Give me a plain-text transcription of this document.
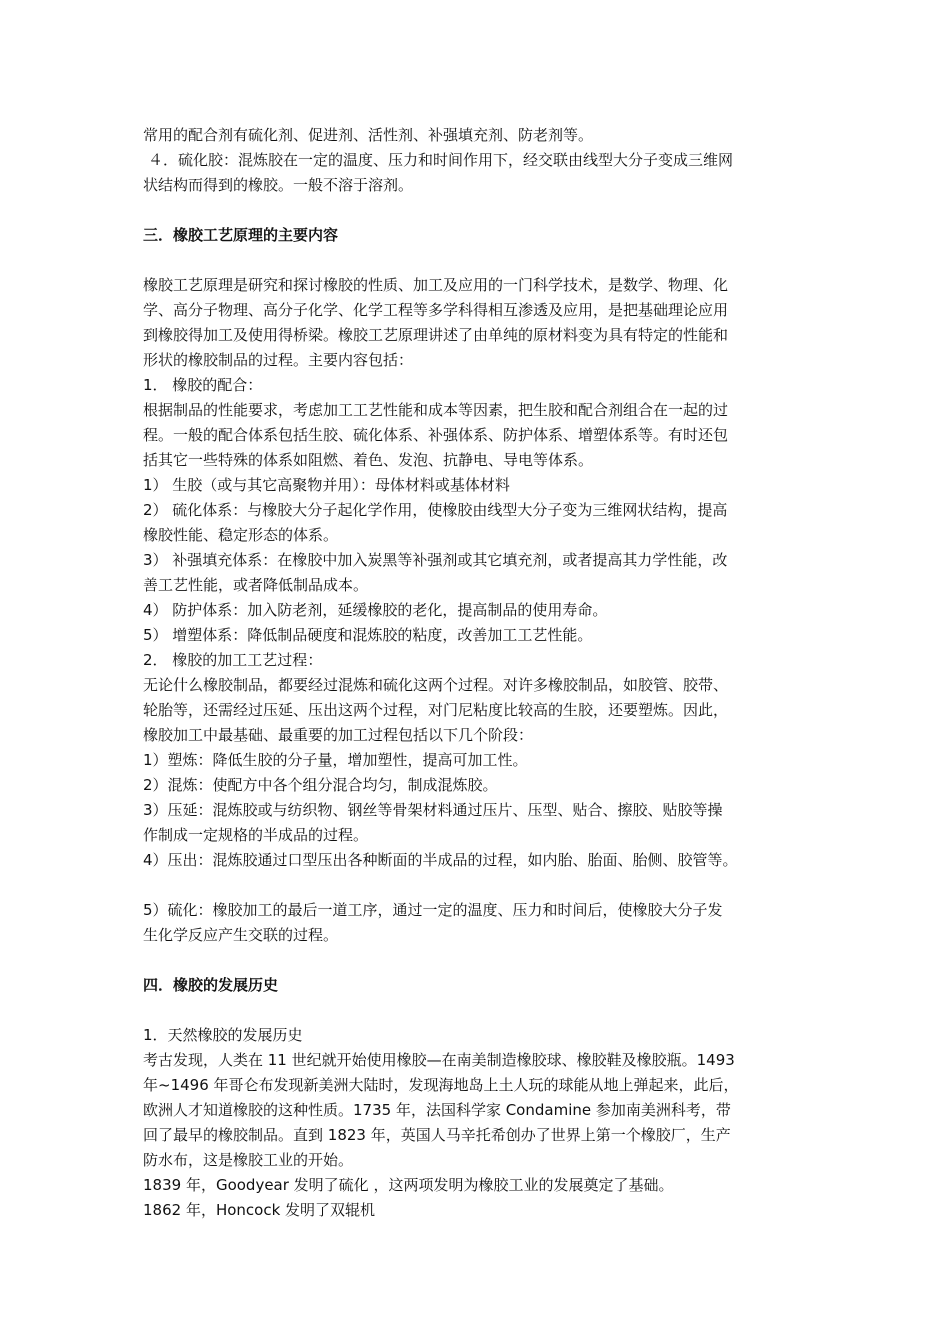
常用的配合剂有硫化剂、促进剂、活性剂、补强填充剂、防老剂等。
４．硫化胶：混炼胶在一定的温度、压力和时间作用下，经交联由线型大分子变成三维网
状结构而得到的橡胶。一般不溶于溶剂。
三．橡胶工艺原理的主要内容
橡胶工艺原理是研究和探讨橡胶的性质、加工及应用的一门科学技术，是数学、物理、化
学、高分子物理、高分子化学、化学工程等多学科得相互渗透及应用，是把基础理论应用
到橡胶得加工及使用得桥梁。橡胶工艺原理讲述了由单纯的原材料变为具有特定的性能和
形状的橡胶制品的过程。主要内容包括：
1． 橡胶的配合：
根据制品的性能要求，考虑加工工艺性能和成本等因素，把生胶和配合剂组合在一起的过
程。一般的配合体系包括生胶、硫化体系、补强体系、防护体系、增塑体系等。有时还包
括其它一些特殊的体系如阻燃、着色、发泡、抗静电、导电等体系。
1） 生胶（或与其它高聚物并用）：母体材料或基体材料
2） 硫化体系：与橡胶大分子起化学作用，使橡胶由线型大分子变为三维网状结构，提高
橡胶性能、稳定形态的体系。
3） 补强填充体系：在橡胶中加入炭黑等补强剂或其它填充剂，或者提高其力学性能，改
善工艺性能，或者降低制品成本。
4） 防护体系：加入防老剂，延缓橡胶的老化，提高制品的使用寿命。
5） 增塑体系：降低制品硬度和混炼胶的粘度，改善加工工艺性能。
2． 橡胶的加工工艺过程：
无论什么橡胶制品，都要经过混炼和硫化这两个过程。对许多橡胶制品，如胶管、胶带、
轮胎等，还需经过压延、压出这两个过程，对门尼粘度比较高的生胶，还要塑炼。因此，
橡胶加工中最基础、最重要的加工过程包括以下几个阶段：
1）塑炼：降低生胶的分子量，增加塑性，提高可加工性。
2）混炼：使配方中各个组分混合均匀，制成混炼胶。
3）压延：混炼胶或与纺织物、钢丝等骨架材料通过压片、压型、贴合、擦胶、贴胶等操
作制成一定规格的半成品的过程。
4）压出：混炼胶通过口型压出各种断面的半成品的过程，如内胎、胎面、胎侧、胶管等。
5）硫化：橡胶加工的最后一道工序，通过一定的温度、压力和时间后，使橡胶大分子发
生化学反应产生交联的过程。
四．橡胶的发展历史
1．天然橡胶的发展历史
考古发现，人类在 11 世纪就开始使用橡胶—在南美制造橡胶球、橡胶鞋及橡胶瓶。1493
年~1496 年哥仑布发现新美洲大陆时，发现海地岛上土人玩的球能从地上弹起来，此后，
欧洲人才知道橡胶的这种性质。1735 年，法国科学家 Condamine 参加南美洲科考，带
回了最早的橡胶制品。直到 1823 年，英国人马辛托希创办了世界上第一个橡胶厂，生产
防水布，这是橡胶工业的开始。
1839 年，Goodyear 发明了硫化 ，这两项发明为橡胶工业的发展奠定了基础。
1862 年，Honcock 发明了双辊机
